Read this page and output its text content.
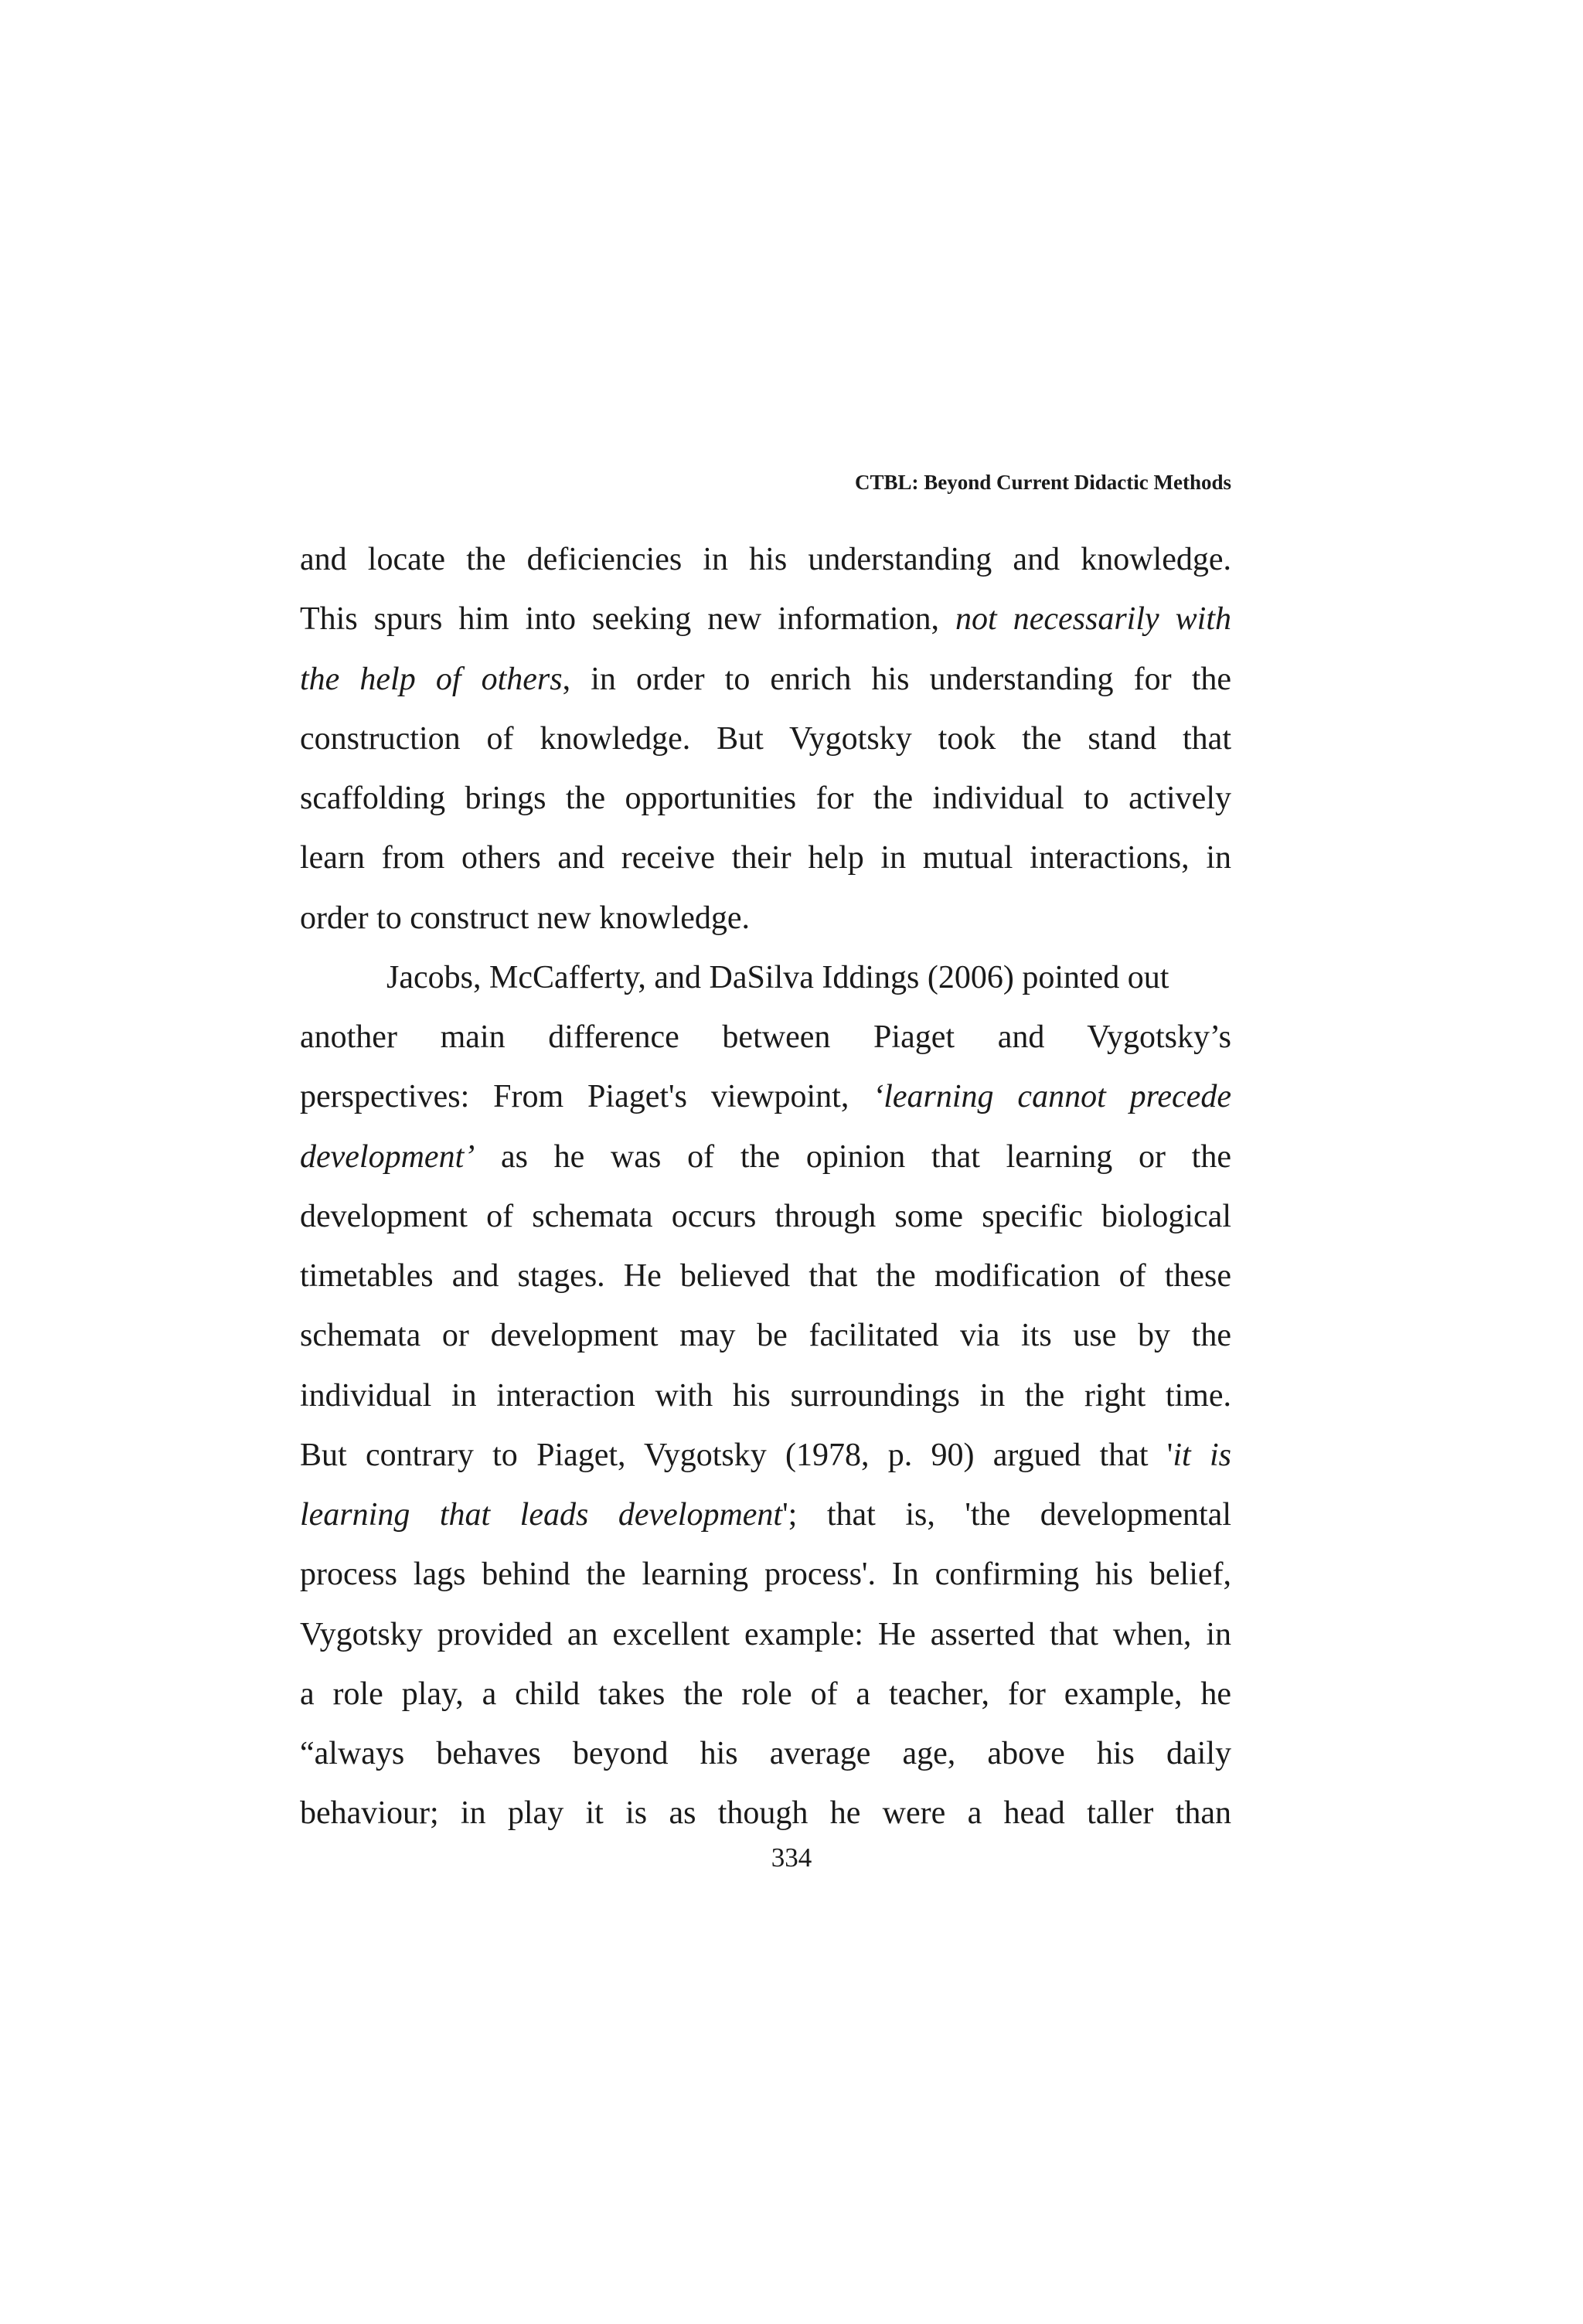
CTBL: Beyond Current Didactic Methods
and locate the deficiencies in his understanding and knowledge.
This spurs him into seeking new information, not necessarily with
the help of others, in order to enrich his understanding for the
construction of knowledge. But Vygotsky took the stand that
scaffolding brings the opportunities for the individual to actively
learn from others and receive their help in mutual interactions, in
order to construct new knowledge.
Jacobs, McCafferty, and DaSilva Iddings (2006) pointed out
another main difference between Piaget and Vygotsky’s
perspectives: From Piaget's viewpoint, ‘learning cannot precede
development’ as he was of the opinion that learning or the
development of schemata occurs through some specific biological
timetables and stages. He believed that the modification of these
schemata or development may be facilitated via its use by the
individual in interaction with his surroundings in the right time.
But contrary to Piaget, Vygotsky (1978, p. 90) argued that 'it is
learning that leads development'; that is, 'the developmental
process lags behind the learning process'. In confirming his belief,
Vygotsky provided an excellent example: He asserted that when, in
a role play, a child takes the role of a teacher, for example, he
“always behaves beyond his average age, above his daily
behaviour; in play it is as though he were a head taller than
334
